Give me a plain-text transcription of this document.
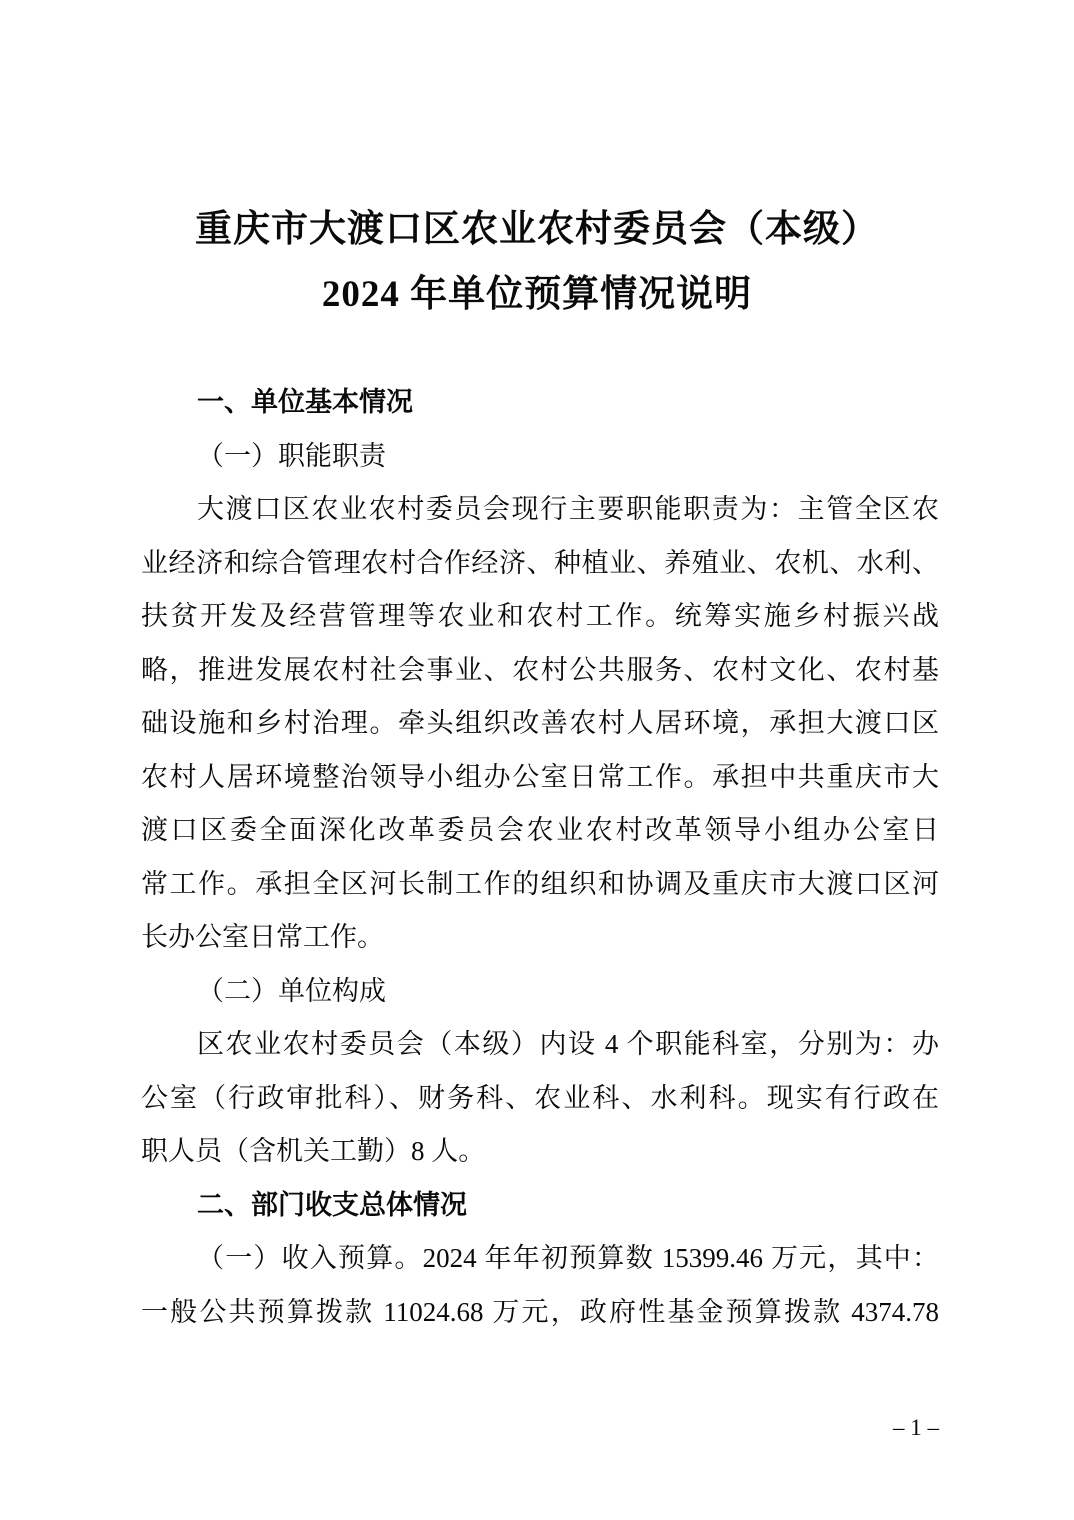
重庆市大渡口区农业农村委员会（本级）
2024 年单位预算情况说明
一、单位基本情况
（一）职能职责
大渡口区农业农村委员会现行主要职能职责为：主管全区农
业经济和综合管理农村合作经济、种植业、养殖业、农机、水利、
扶贫开发及经营管理等农业和农村工作。统筹实施乡村振兴战
略，推进发展农村社会事业、农村公共服务、农村文化、农村基
础设施和乡村治理。牵头组织改善农村人居环境，承担大渡口区
农村人居环境整治领导小组办公室日常工作。承担中共重庆市大
渡口区委全面深化改革委员会农业农村改革领导小组办公室日
常工作。承担全区河长制工作的组织和协调及重庆市大渡口区河
长办公室日常工作。
（二）单位构成
区农业农村委员会（本级）内设 4 个职能科室，分别为：办
公室（行政审批科）、财务科、农业科、水利科。现实有行政在
职人员（含机关工勤）8 人。
二、部门收支总体情况
（一）收入预算。2024 年年初预算数 15399.46 万元，其中：
一般公共预算拨款 11024.68 万元，政府性基金预算拨款 4374.78
– 1 –
